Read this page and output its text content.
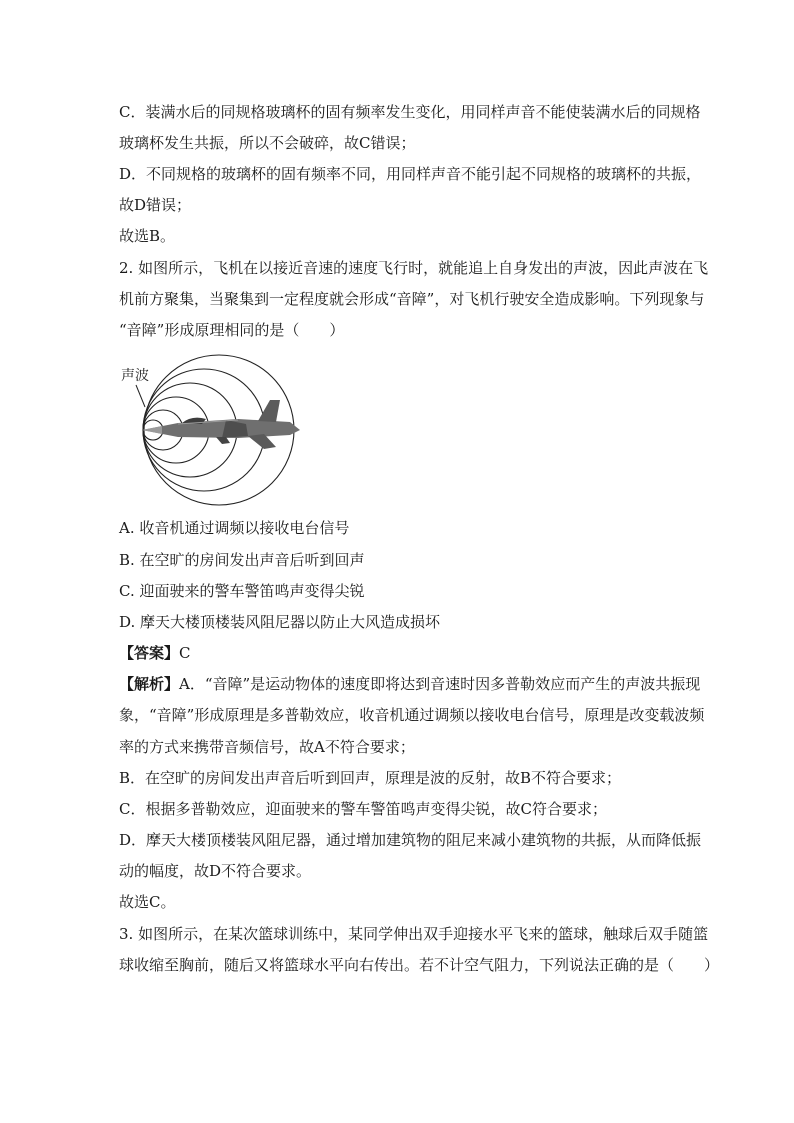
C．装满水后的同规格玻璃杯的固有频率发生变化，用同样声音不能使装满水后的同规格
玻璃杯发生共振，所以不会破碎，故C错误；
D．不同规格的玻璃杯的固有频率不同，用同样声音不能引起不同规格的玻璃杯的共振，
故D错误；
故选B。
2. 如图所示，飞机在以接近音速的速度飞行时，就能追上自身发出的声波，因此声波在飞
机前方聚集，当聚集到一定程度就会形成“音障”，对飞机行驶安全造成影响。下列现象与
“音障”形成原理相同的是（　　）
声波
A. 收音机通过调频以接收电台信号
B. 在空旷的房间发出声音后听到回声
C. 迎面驶来的警车警笛鸣声变得尖锐
D. 摩天大楼顶楼装风阻尼器以防止大风造成损坏
【答案】C
【解析】A．“音障”是运动物体的速度即将达到音速时因多普勒效应而产生的声波共振现
象，“音障”形成原理是多普勒效应，收音机通过调频以接收电台信号，原理是改变载波频
率的方式来携带音频信号，故A不符合要求；
B．在空旷的房间发出声音后听到回声，原理是波的反射，故B不符合要求；
C．根据多普勒效应，迎面驶来的警车警笛鸣声变得尖锐，故C符合要求；
D．摩天大楼顶楼装风阻尼器，通过增加建筑物的阻尼来减小建筑物的共振，从而降低振
动的幅度，故D不符合要求。
故选C。
3. 如图所示，在某次篮球训练中，某同学伸出双手迎接水平飞来的篮球，触球后双手随篮
球收缩至胸前，随后又将篮球水平向右传出。若不计空气阻力，下列说法正确的是（　　）
